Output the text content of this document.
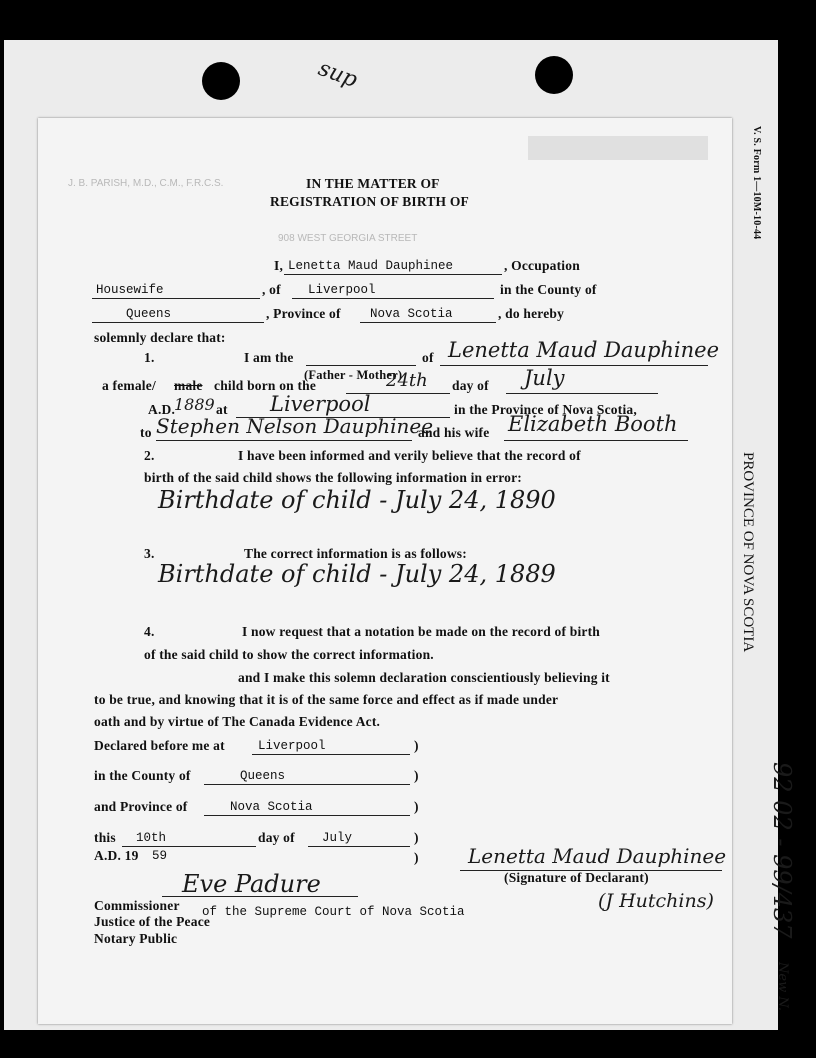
sup
V. S. Form 1—10M-10-44
PROVINCE OF NOVA SCOTIA
92 02 - 99/437
New N.
J. B. PARISH, M.D., C.M., F.R.C.S.
908 WEST GEORGIA STREET
IN THE MATTER OF
REGISTRATION OF BIRTH OF
I, Lenetta Maud Dauphinee	, Occupation
Housewife	, of Liverpool	in the County of
Queens	, Province of Nova Scotia	, do hereby
solemnly declare that:
1.	I am the	of Lenetta Maud Dauphinee
(Father - Mother)
a female/ male child born on the	24th day of July
A.D.
1889 at Liverpool	in the Province of Nova Scotia,
to Stephen Nelson Dauphinee
and his wife Elizabeth Booth
2.	I have been informed and verily believe that the record of
birth of the said child shows the following information in error:
Birthdate of child - July 24, 1890
3.	The correct information is as follows:
Birthdate of child - July 24, 1889
4.	I now request that a notation be made on the record of birth
of the said child to show the correct information.
and I make this solemn declaration conscientiously believing it
to be true, and knowing that it is of the same force and effect as if made under
oath and by virtue of The Canada Evidence Act.
Declared before me at	Liverpool	)
in the County of	Queens	)
and Province of	Nova Scotia	)
this 10th	day of July	)
A.D. 19 59	) Lenetta Maud Dauphinee
(Signature of Declarant)
(J Hutchins)
Eve Padure
Commissioner of the Supreme Court of Nova Scotia
Justice of the Peace
Notary Public
